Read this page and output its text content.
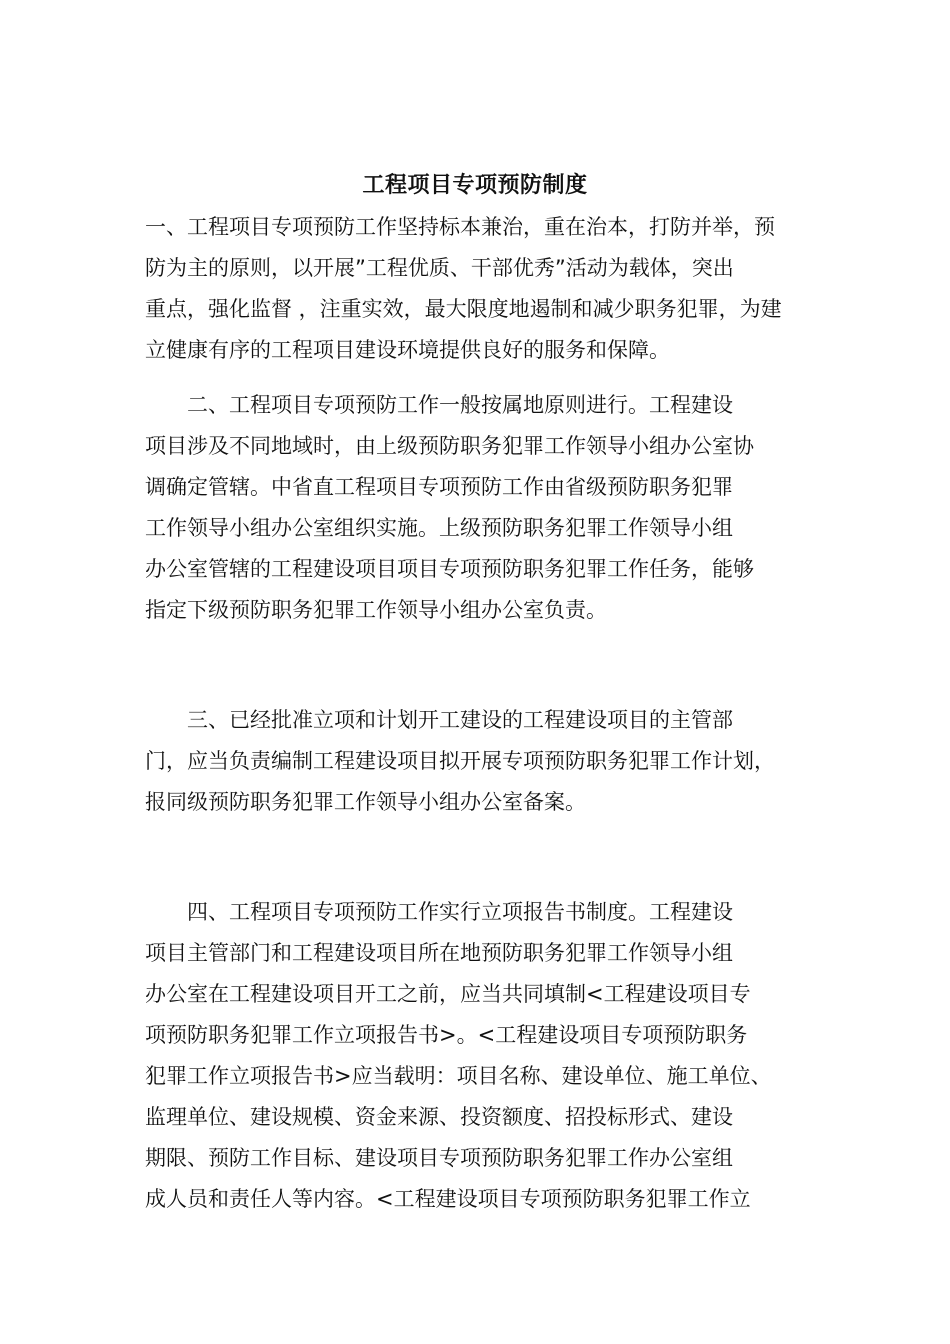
工程项目专项预防制度
一、工程项目专项预防工作坚持标本兼治，重在治本，打防并举，预
防为主的原则，以开展”工程优质、干部优秀”活动为载体，突出
重点，强化监督 ，注重实效，最大限度地遏制和减少职务犯罪，为建
立健康有序的工程项目建设环境提供良好的服务和保障。
　　二、工程项目专项预防工作一般按属地原则进行。工程建设
项目涉及不同地域时，由上级预防职务犯罪工作领导小组办公室协
调确定管辖。中省直工程项目专项预防工作由省级预防职务犯罪
工作领导小组办公室组织实施。上级预防职务犯罪工作领导小组
办公室管辖的工程建设项目项目专项预防职务犯罪工作任务，能够
指定下级预防职务犯罪工作领导小组办公室负责。
　　三、已经批准立项和计划开工建设的工程建设项目的主管部
门，应当负责编制工程建设项目拟开展专项预防职务犯罪工作计划，
报同级预防职务犯罪工作领导小组办公室备案。
　　四、工程项目专项预防工作实行立项报告书制度。工程建设
项目主管部门和工程建设项目所在地预防职务犯罪工作领导小组
办公室在工程建设项目开工之前，应当共同填制<工程建设项目专
项预防职务犯罪工作立项报告书>。<工程建设项目专项预防职务
犯罪工作立项报告书>应当载明：项目名称、建设单位、施工单位、
监理单位、建设规模、资金来源、投资额度、招投标形式、建设
期限、预防工作目标、建设项目专项预防职务犯罪工作办公室组
成人员和责任人等内容。<工程建设项目专项预防职务犯罪工作立
